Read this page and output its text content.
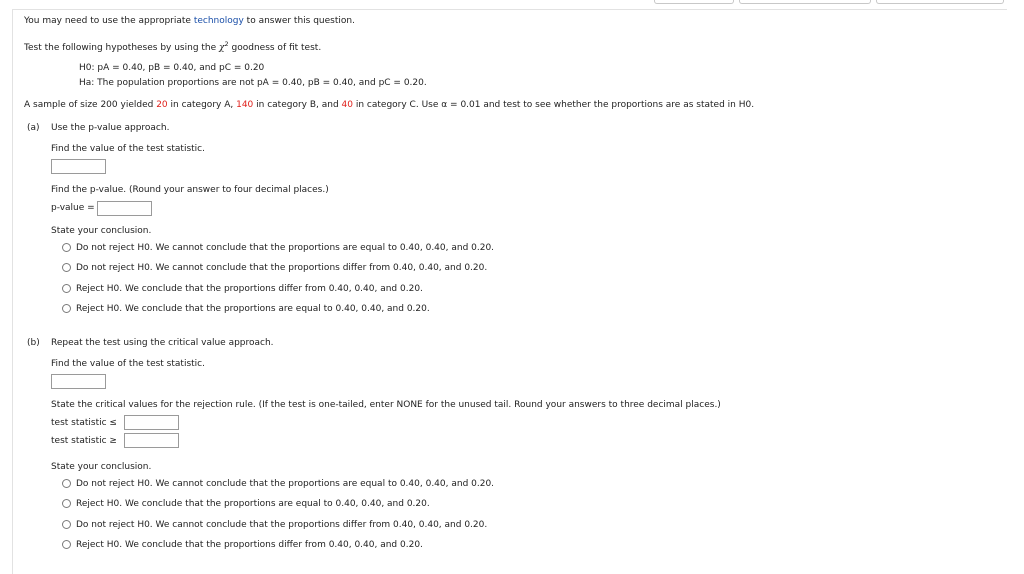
You may need to use the appropriate technology to answer this question.
Test the following hypotheses by using the $\chi^2$ goodness of fit test.
H0: pA = 0.40, pB = 0.40, and pC = 0.20
Ha: The population proportions are not pA = 0.40, pB = 0.40, and pC = 0.20.
A sample of size 200 yielded 20 in category A, 140 in category B, and 40 in category C. Use α = 0.01 and test to see whether the proportions are as stated in H0.
(a) Use the p-value approach.
Find the value of the test statistic.
Find the p-value. (Round your answer to four decimal places.)
p-value =
State your conclusion.
Do not reject H0. We cannot conclude that the proportions are equal to 0.40, 0.40, and 0.20.
Do not reject H0. We cannot conclude that the proportions differ from 0.40, 0.40, and 0.20.
Reject H0. We conclude that the proportions differ from 0.40, 0.40, and 0.20.
Reject H0. We conclude that the proportions are equal to 0.40, 0.40, and 0.20.
(b) Repeat the test using the critical value approach.
Find the value of the test statistic.
State the critical values for the rejection rule. (If the test is one-tailed, enter NONE for the unused tail. Round your answers to three decimal places.)
test statistic ≤
test statistic ≥
State your conclusion.
Do not reject H0. We cannot conclude that the proportions are equal to 0.40, 0.40, and 0.20.
Reject H0. We conclude that the proportions are equal to 0.40, 0.40, and 0.20.
Do not reject H0. We cannot conclude that the proportions differ from 0.40, 0.40, and 0.20.
Reject H0. We conclude that the proportions differ from 0.40, 0.40, and 0.20.
